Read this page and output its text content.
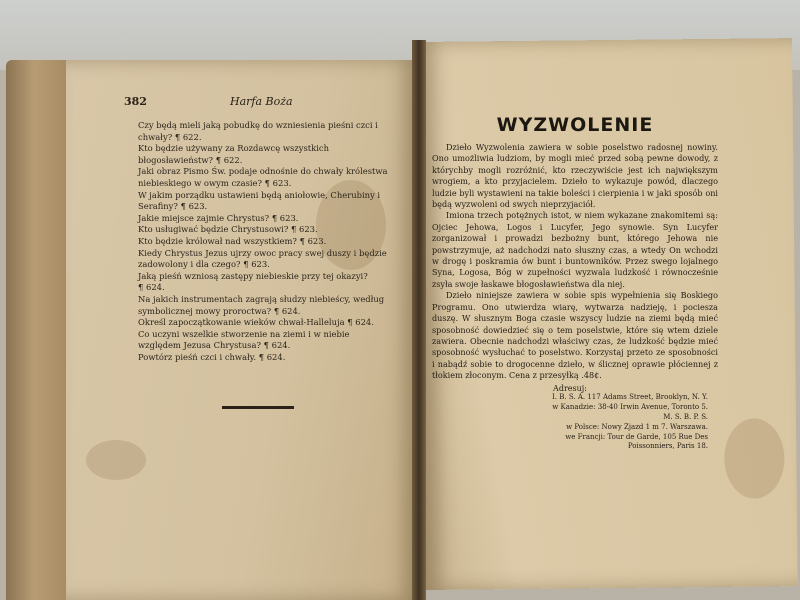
382	Harfa Boża
Czy będą mieli jaką pobudkę do wzniesienia pieśni czci i chwały? ¶ 622.
Kto będzie używany za Rozdawcę wszystkich błogosławieństw? ¶ 622.
Jaki obraz Pismo Św. podaje odnośnie do chwały królestwa niebieskiego w owym czasie? ¶ 623.
W jakim porządku ustawieni będą aniołowie, Cherubiny i Serafiny? ¶ 623.
Jakie miejsce zajmie Chrystus? ¶ 623.
Kto usługiwać będzie Chrystusowi? ¶ 623.
Kto będzie królował nad wszystkiem? ¶ 623.
Kiedy Chrystus Jezus ujrzy owoc pracy swej duszy i będzie zadowolony i dla czego? ¶ 623.
Jaką pieśń wzniosą zastępy niebieskie przy tej okazyi? ¶ 624.
Na jakich instrumentach zagrają słudzy niebieścy, według symbolicznej mowy proroctwa? ¶ 624.
Określ zapoczątkowanie wieków chwał-Halleluja ¶ 624.
Co uczyni wszelkie stworzenie na ziemi i w niebie względem Jezusa Chrystusa? ¶ 624.
Powtórz pieśń czci i chwały. ¶ 624.
WYZWOLENIE

Dzieło Wyzwolenia zawiera w sobie poselstwo radosnej nowiny. Ono umożliwia ludziom, by mogli mieć przed sobą pewne dowody, z którychby mogli rozróżnić, kto rzeczywiście jest ich największym wrogiem, a kto przyjacielem. Dzieło to wykazuje powód, dlaczego ludzie byli wystawieni na takie boleści i cierpienia i w jaki sposób oni będą wyzwoleni od swych nieprzyjaciół.

Imiona trzech potężnych istot, w niem wykazane znakomitemi są: Ojciec Jehowa, Logos i Lucyfer, Jego synowie. Syn Lucyfer zorganizował i prowadzi bezbożny bunt, którego Jehowa nie powstrzymuje, aż nadchodzi nato słuszny czas, a wtedy On wchodzi w drogę i poskramia ów bunt i buntowników. Przez swego lojalnego Syna, Logosa, Bóg w zupełności wyzwala ludzkość i równocześnie zsyła swoje łaskawe błogosławieństwa dla niej.

Dzieło niniejsze zawiera w sobie spis wypełnienia się Boskiego Programu. Ono utwierdza wiarę, wytwarza nadzieję, i pociesza duszę. W słusznym Boga czasie wszyscy ludzie na ziemi będą mieć sposobność dowiedzieć się o tem poselstwie, które się wtem dziele zawiera. Obecnie nadchodzi właściwy czas, że ludzkość będzie mieć sposobność wysłuchać to poselstwo. Korzystaj przeto ze sposobności i nabądź sobie to drogocenne dzieło, w ślicznej oprawie płóciennej z tłokiem złoconym. Cena z przesyłką .48¢.

Adresuj:

I. B. S. A. 117 Adams Street, Brooklyn, N. Y.

w Kanadzie: 38-40 Irwin Avenue, Toronto 5.

M. S. B. P. S.

w Polsce: Nowy Zjazd 1 m 7. Warszawa.

we Francji: Tour de Garde, 105 Rue Des

Poissonniers, Paris 18.
